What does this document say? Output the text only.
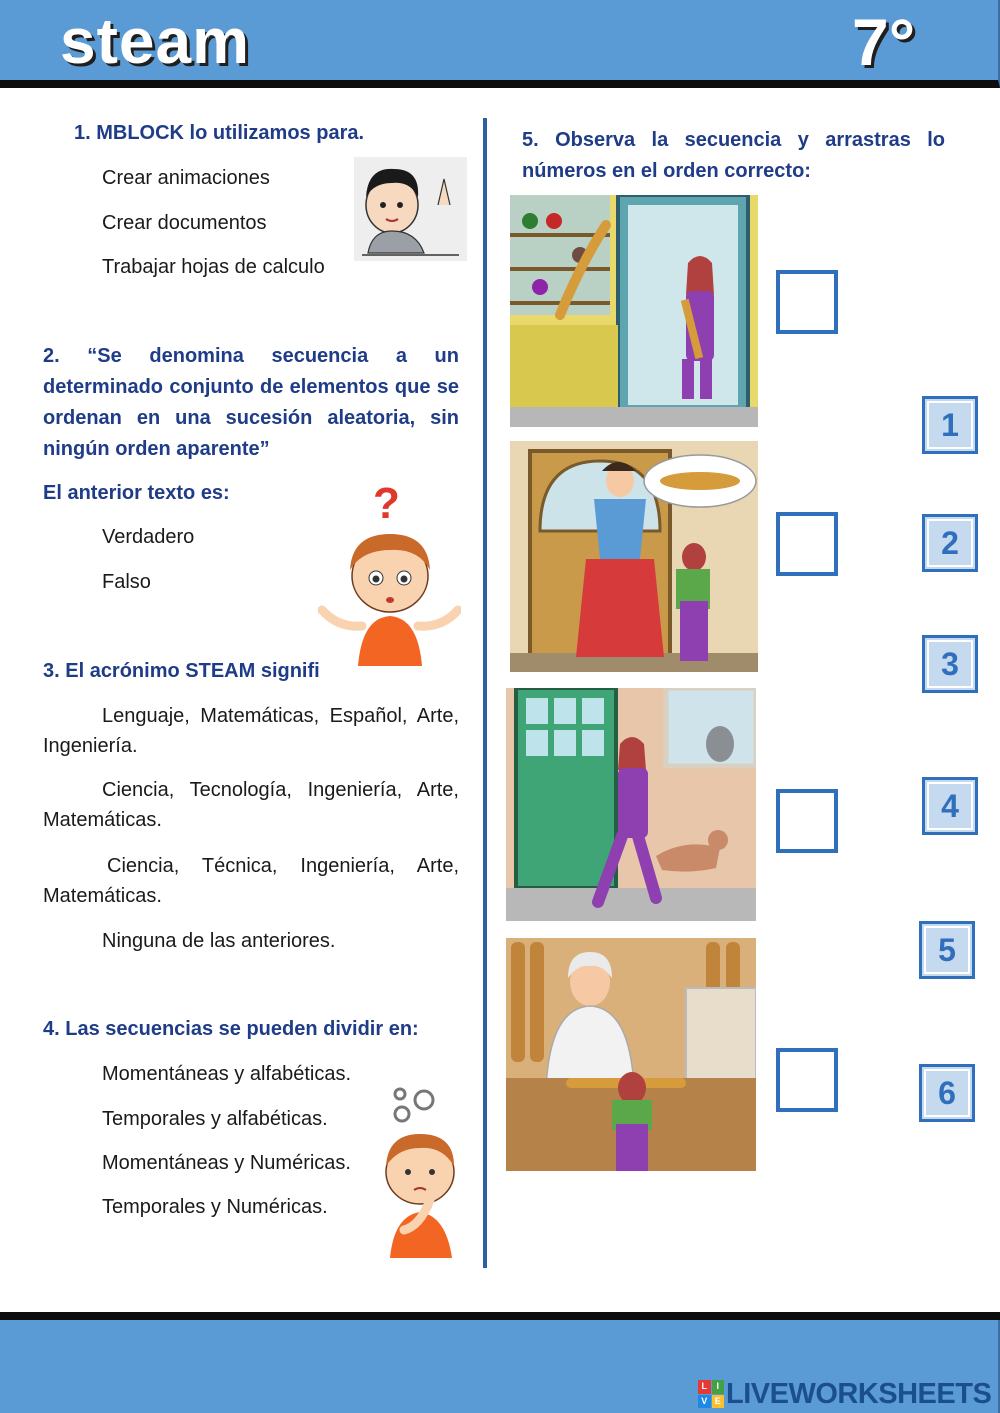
steam	7°
1. MBLOCK lo utilizamos para.
Crear animaciones
Crear documentos
Trabajar hojas de calculo
2. “Se denomina secuencia a un determinado conjunto de elementos que se ordenan en una sucesión aleatoria, sin ningún orden aparente”
El anterior texto es:
Verdadero
Falso
?
3. El acrónimo STEAM signifi
Lenguaje, Matemáticas, Español, Arte, Ingeniería.
Ciencia, Tecnología, Ingeniería, Arte, Matemáticas.
Ciencia, Técnica, Ingeniería, Arte, Matemáticas.
Ninguna de las anteriores.
4. Las secuencias se pueden dividir en:
Momentáneas y alfabéticas.
Temporales y alfabéticas.
Momentáneas y Numéricas.
Temporales y Numéricas.
5. Observa la secuencia y arrastras lo números en el orden correcto:
1
2
3
4
5
6
L	I
V E LIVEWORKSHEETS
